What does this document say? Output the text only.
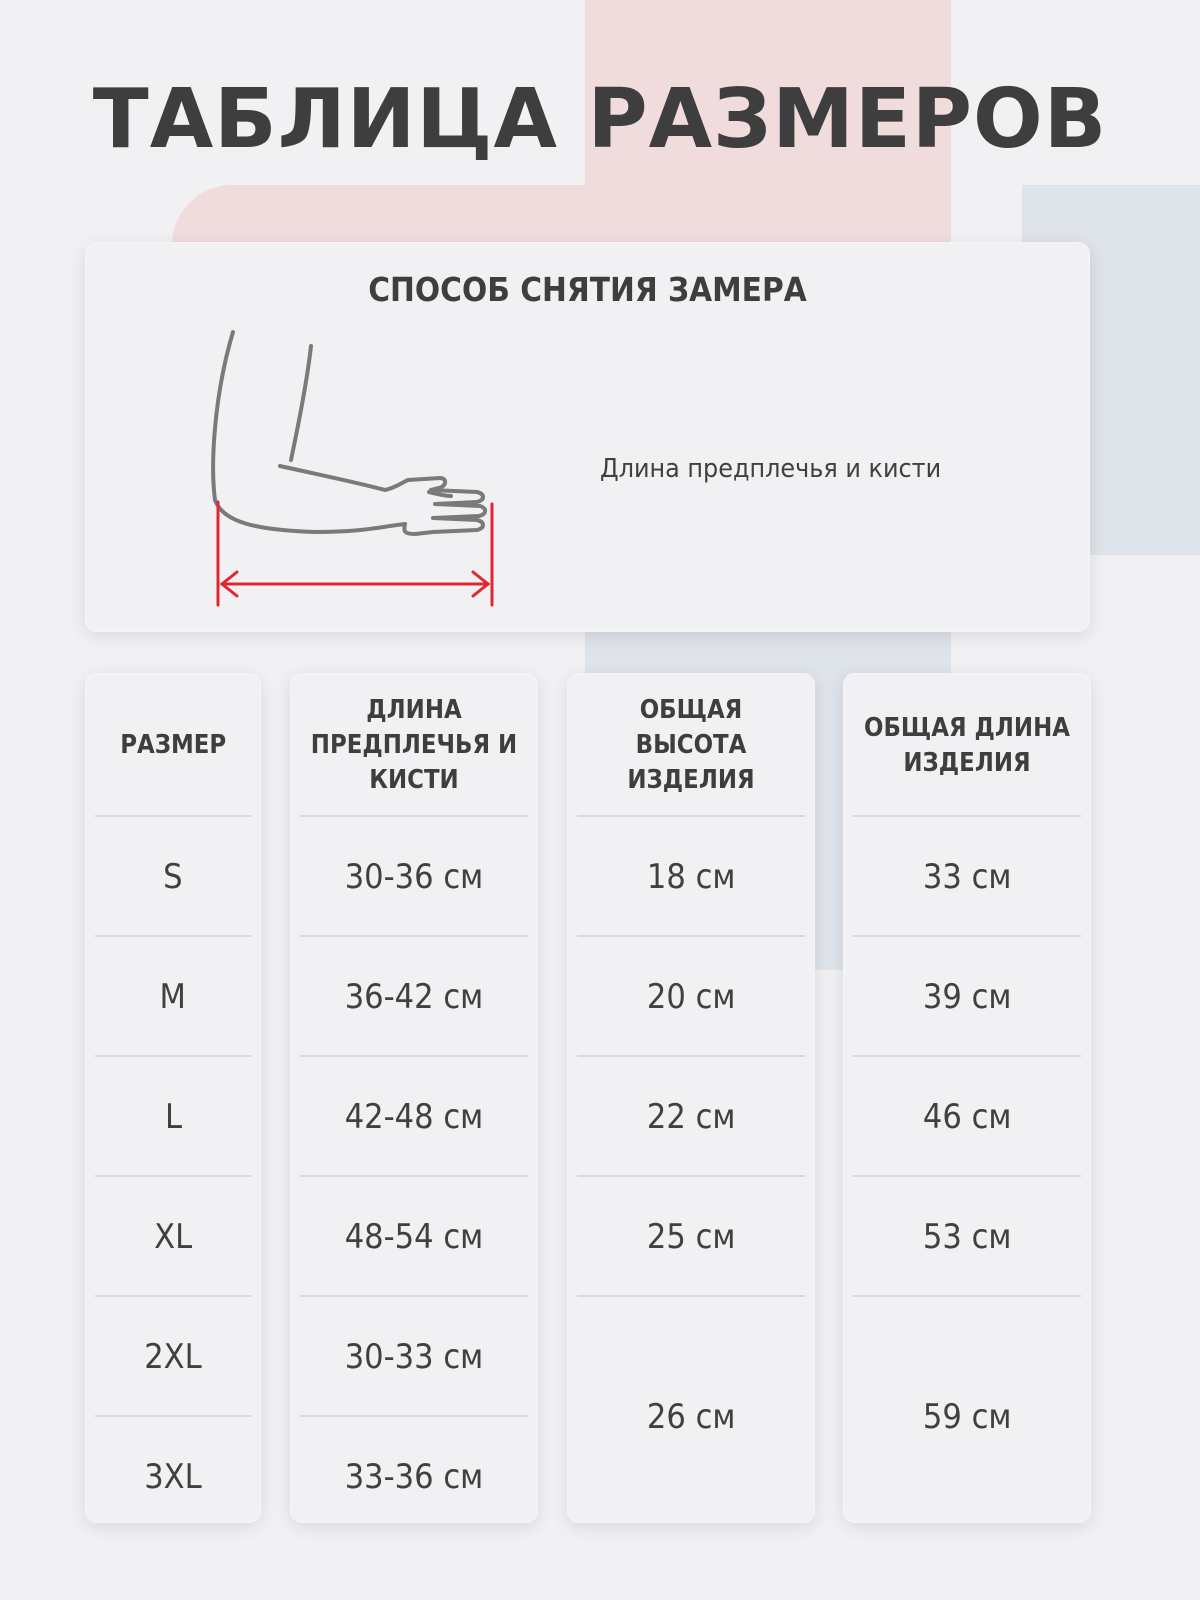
ТАБЛИЦА РАЗМЕРОВ
СПОСОБ СНЯТИЯ ЗАМЕРА
Длина предплечья и кисти
РАЗМЕР
S
M
L
XL
2XL
3XL
ДЛИНА ПРЕДПЛЕЧЬЯ И КИСТИ
30-36 см
36-42 см
42-48 см
48-54 см
30-33 см
33-36 см
ОБЩАЯ ВЫСОТА ИЗДЕЛИЯ
18 см
20 см
22 см
25 см
26 см
ОБЩАЯ ДЛИНА ИЗДЕЛИЯ
33 см
39 см
46 см
53 см
59 см
